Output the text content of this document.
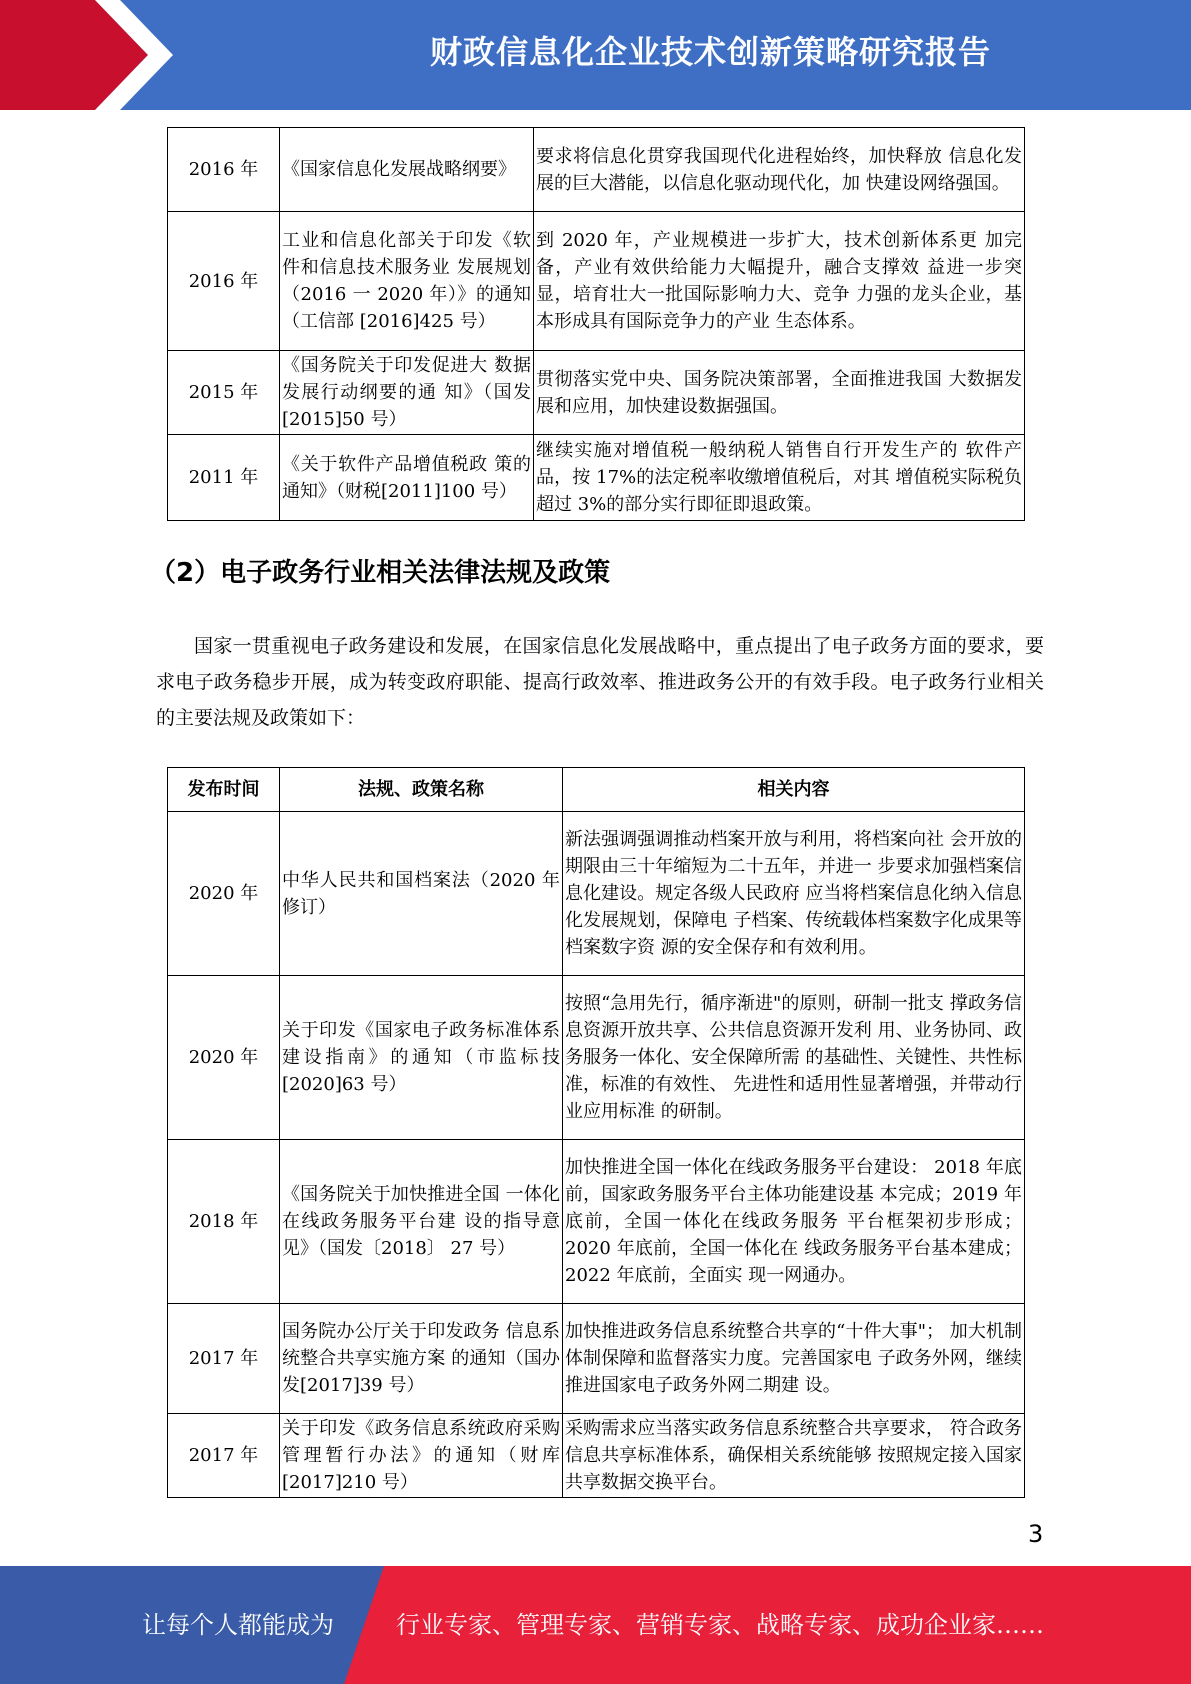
财政信息化企业技术创新策略研究报告
2016 年	《国家信息化发展战略纲要》	要求将信息化贯穿我国现代化进程始终，加快释放 信息化发展的巨大潜能，以信息化驱动现代化，加 快建设网络强国。
2016 年	工业和信息化部关于印发《软件和信息技术服务业 发展规划（2016 一 2020 年）》的通知（工信部 [2016]425 号）	到 2020 年，产业规模进一步扩大，技术创新体系更 加完备，产业有效供给能力大幅提升，融合支撑效 益进一步突显，培育壮大一批国际影响力大、竞争 力强的龙头企业，基本形成具有国际竞争力的产业 生态体系。
2015 年	《国务院关于印发促进大 数据发展行动纲要的通 知》（国发[2015]50 号）	贯彻落实党中央、国务院决策部署，全面推进我国 大数据发展和应用，加快建设数据强国。
2011 年	《关于软件产品增值税政 策的通知》（财税[2011]100 号）	继续实施对增值税一般纳税人销售自行开发生产的 软件产品，按 17%的法定税率收缴增值税后，对其 增值税实际税负超过 3%的部分实行即征即退政策。
（2）电子政务行业相关法律法规及政策

国家一贯重视电子政务建设和发展，在国家信息化发展战略中，重点提出了电子政务方面的要求，要求电子政务稳步开展，成为转变政府职能、提高行政效率、推进政务公开的有效手段。电子政务行业相关的主要法规及政策如下：

发布时间	法规、政策名称	相关内容
2020 年	中华人民共和国档案法（2020 年修订）	新法强调强调推动档案开放与利用，将档案向社 会开放的期限由三十年缩短为二十五年，并进一 步要求加强档案信息化建设。规定各级人民政府 应当将档案信息化纳入信息化发展规划，保障电 子档案、传统载体档案数字化成果等档案数字资 源的安全保存和有效利用。
2020 年	关于印发《国家电子政务标准体系建设指南》的通知（市监标技[2020]63 号）	按照“急用先行，循序渐进"的原则，研制一批支 撑政务信息资源开放共享、公共信息资源开发利 用、业务协同、政务服务一体化、安全保障所需 的基础性、关键性、共性标准，标准的有效性、 先进性和适用性显著增强，并带动行业应用标准 的研制。
2018 年	《国务院关于加快推进全国 一体化在线政务服务平台建 设的指导意见》（国发〔2018〕 27 号）	加快推进全国一体化在线政务服务平台建设： 2018 年底前，国家政务服务平台主体功能建设基 本完成；2019 年底前，全国一体化在线政务服务 平台框架初步形成；2020 年底前，全国一体化在 线政务服务平台基本建成；2022 年底前，全面实 现一网通办。
2017 年	国务院办公厅关于印发政务 信息系统整合共享实施方案 的通知（国办发[2017]39 号）	加快推进政务信息系统整合共享的“十件大事"； 加大机制体制保障和监督落实力度。完善国家电 子政务外网，继续推进国家电子政务外网二期建 设。
2017 年	关于印发《政务信息系统政府采购管理暂行办法》的通知（财库[2017]210 号）	采购需求应当落实政务信息系统整合共享要求， 符合政务信息共享标准体系，确保相关系统能够 按照规定接入国家共享数据交换平台。
3
让每个人都能成为	行业专家、管理专家、营销专家、战略专家、成功企业家……
